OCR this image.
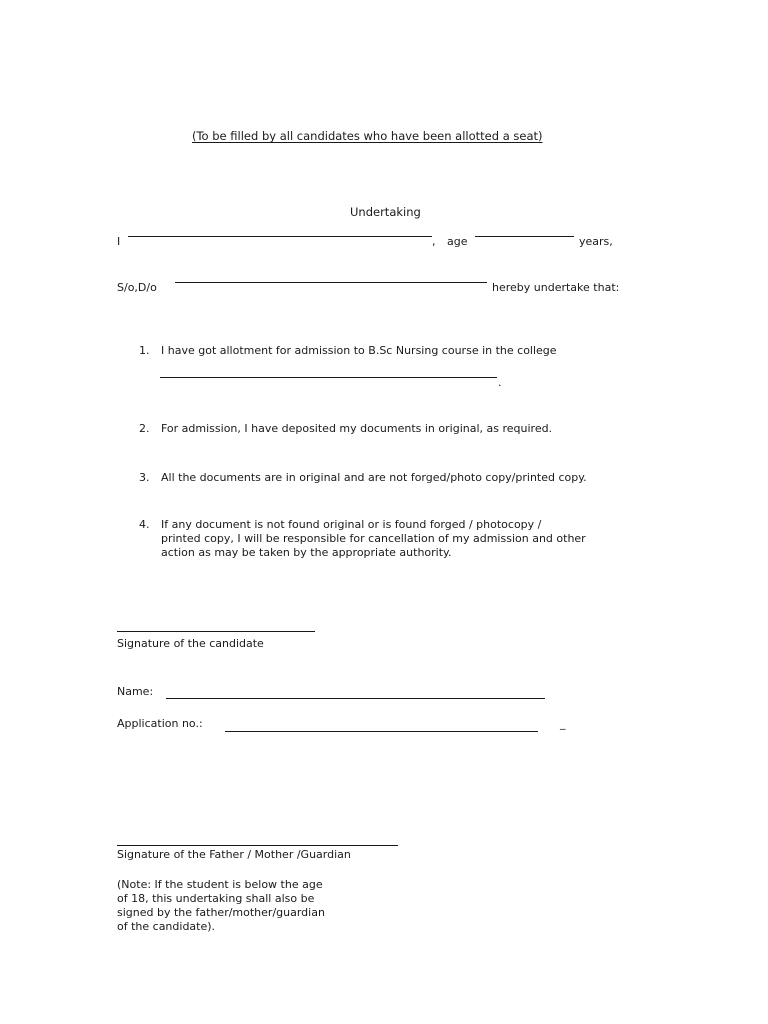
(To be filled by all candidates who have been allotted a seat)
Undertaking
I	, age	years,
S/o,D/o	hereby undertake that:
1. I have got allotment for admission to B.Sc Nursing course in the college
.
2. For admission, I have deposited my documents in original, as required.
3. All the documents are in original and are not forged/photo copy/printed copy.
4. If any document is not found original or is found forged / photocopy /
printed copy, I will be responsible for cancellation of my admission and other
action as may be taken by the appropriate authority.
Signature of the candidate
Name:
Application no.:	_
Signature of the Father / Mother /Guardian
(Note: If the student is below the age
of 18, this undertaking shall also be
signed by the father/mother/guardian
of the candidate).
